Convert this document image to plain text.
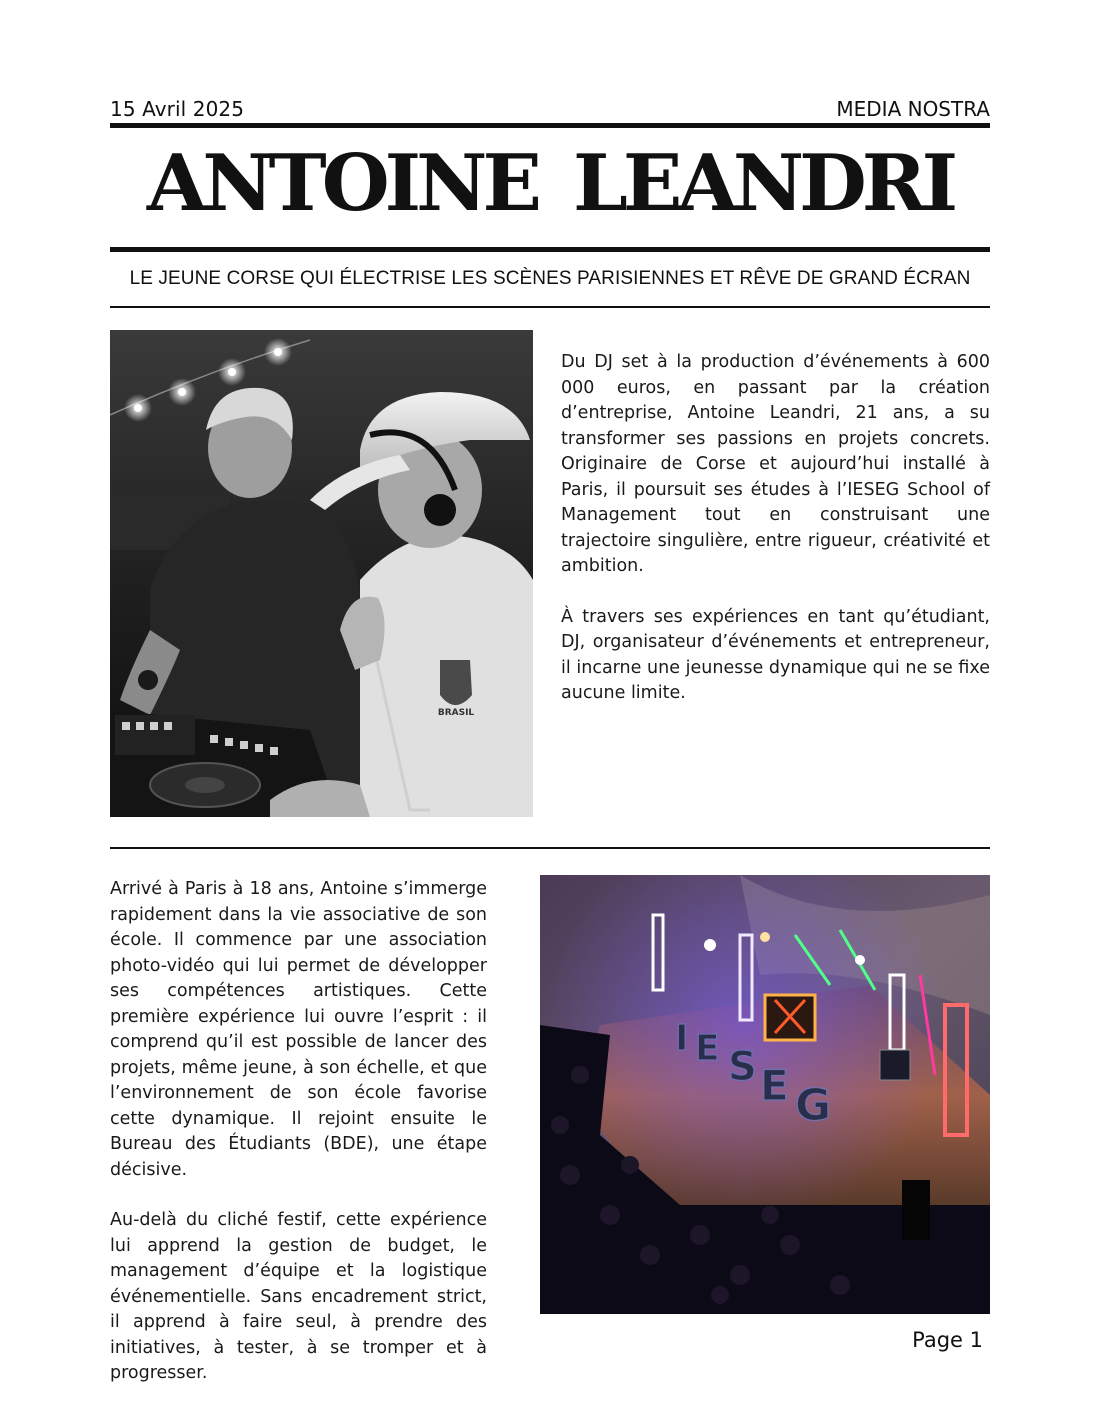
15 Avril 2025	MEDIA NOSTRA
ANTOINE LEANDRI
LE JEUNE CORSE QUI ÉLECTRISE LES SCÈNES PARISIENNES ET RÊVE DE GRAND ÉCRAN
BRASIL

Du DJ set à la production d’événements à 600 000 euros, en passant par la création d’entreprise, Antoine Leandri, 21 ans, a su transformer ses passions en projets concrets. Originaire de Corse et aujourd’hui installé à Paris, il poursuit ses études à l’IESEG School of Management tout en construisant une trajectoire singulière, entre rigueur, créativité et ambition.

À travers ses expériences en tant qu’étudiant, DJ, organisateur d’événements et entrepreneur, il incarne une jeunesse dynamique qui ne se fixe aucune limite.

Arrivé à Paris à 18 ans, Antoine s’immerge rapidement dans la vie associative de son école. Il commence par une association photo-vidéo qui lui permet de développer ses compétences artistiques. Cette première expérience lui ouvre l’esprit : il comprend qu’il est possible de lancer des projets, même jeune, à son échelle, et que l’environnement de son école favorise cette dynamique. Il rejoint ensuite le Bureau des Étudiants (BDE), une étape décisive.

Au-delà du cliché festif, cette expérience lui apprend la gestion de budget, le management d’équipe et la logistique événementielle. Sans encadrement strict, il apprend à faire seul, à prendre des initiatives, à tester, à se tromper et à progresser.

I E S E G
Page 1
